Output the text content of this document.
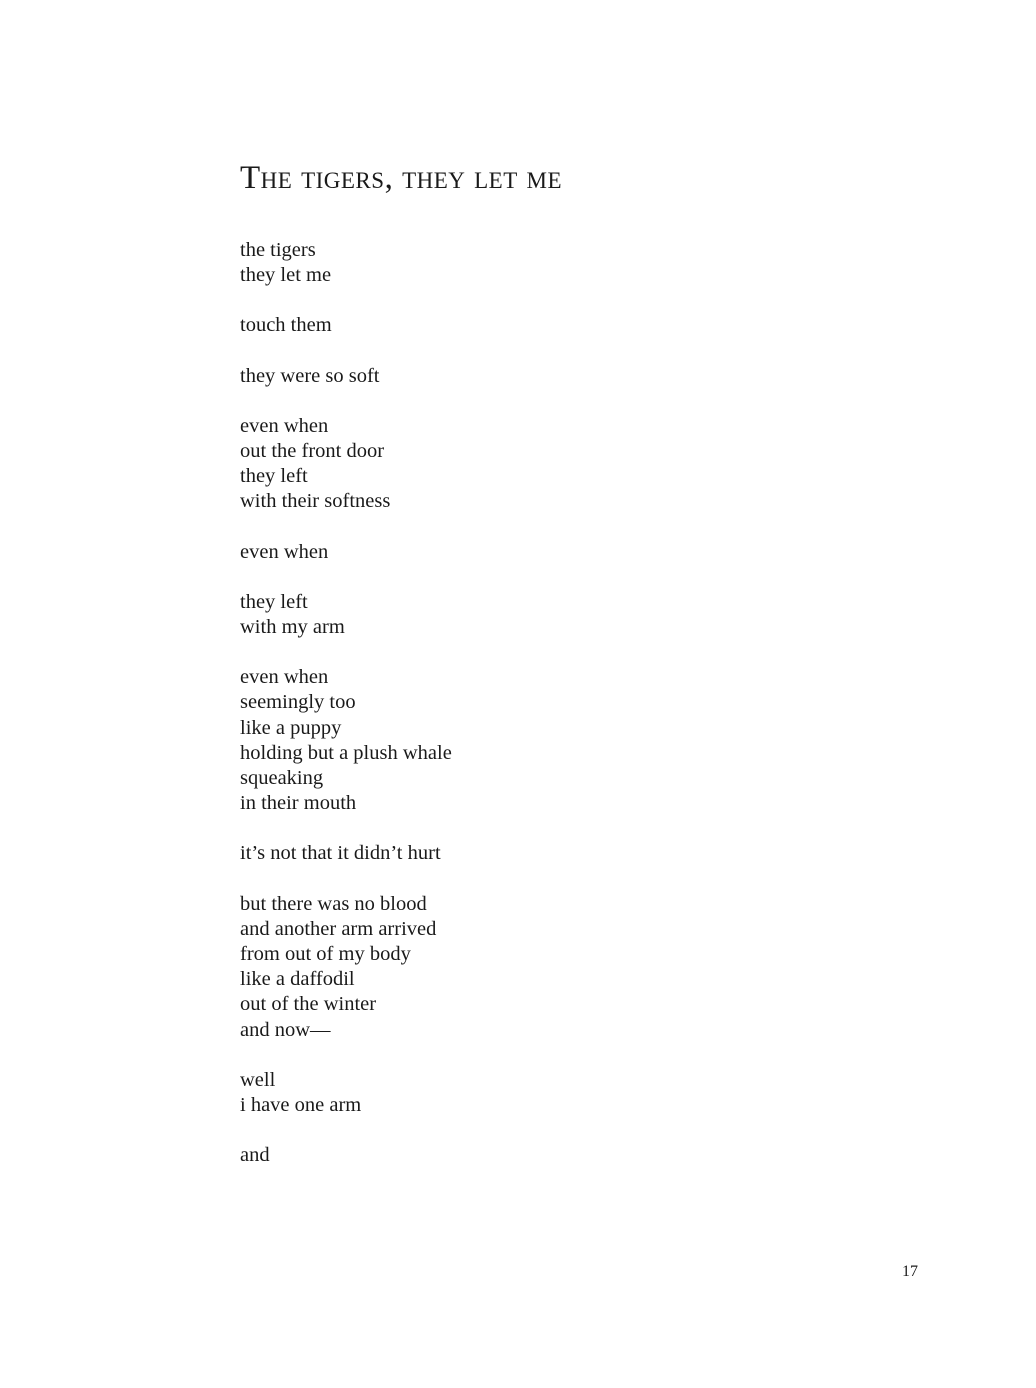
The tigers, they let me
the tigers
they let me
touch them
they were so soft
even when
out the front door
they left
with their softness
even when
they left
with my arm
even when
seemingly too
like a puppy
holding but a plush whale
squeaking
in their mouth
it’s not that it didn’t hurt
but there was no blood
and another arm arrived
from out of my body
like a daffodil
out of the winter
and now—
well
i have one arm
and
17
